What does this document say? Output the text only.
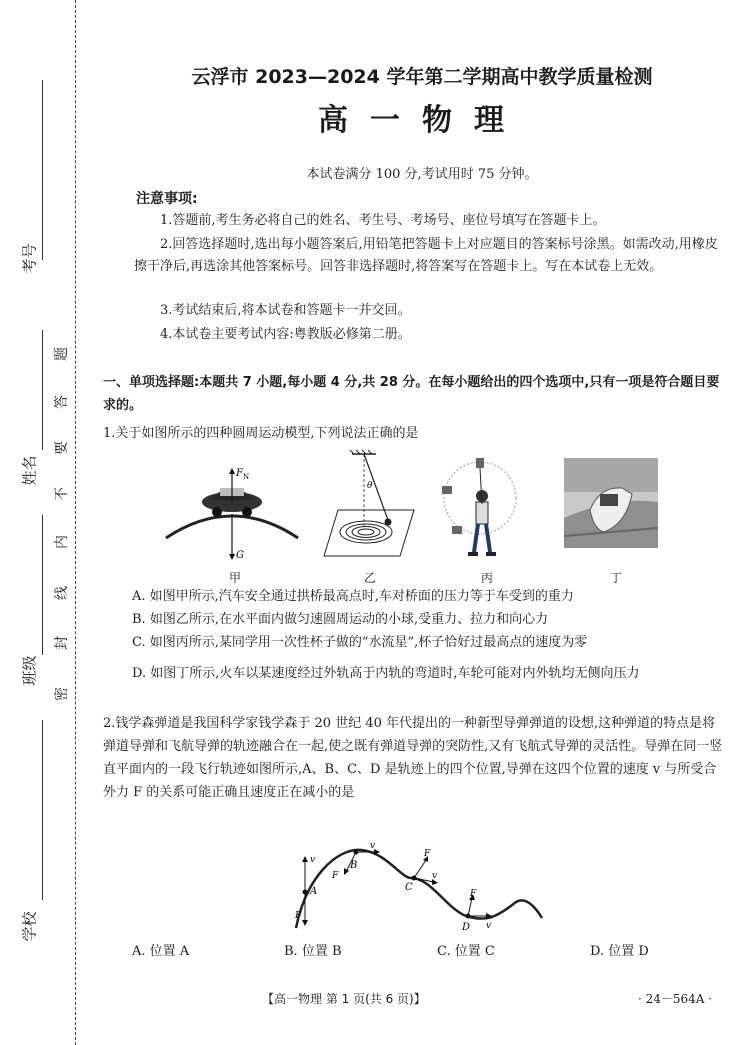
考号
姓名
班级
学校
密
封
线
内
不
要
答
题
云浮市 2023—2024 学年第二学期高中教学质量检测
高一物理
本试卷满分 100 分,考试用时 75 分钟。
注意事项:
1.答题前,考生务必将自己的姓名、考生号、考场号、座位号填写在答题卡上。
2.回答选择题时,选出每小题答案后,用铅笔把答题卡上对应题目的答案标号涂黑。如需改动,用橡皮擦干净后,再选涂其他答案标号。回答非选择题时,将答案写在答题卡上。写在本试卷上无效。
3.考试结束后,将本试卷和答题卡一并交回。
4.本试卷主要考试内容:粤教版必修第二册。
一、单项选择题:本题共 7 小题,每小题 4 分,共 28 分。在每小题给出的四个选项中,只有一项是符合题目要求的。
1.关于如图所示的四种圆周运动模型,下列说法正确的是
F N
G
甲
θ
乙	丙	丁
A. 如图甲所示,汽车安全通过拱桥最高点时,车对桥面的压力等于车受到的重力
B. 如图乙所示,在水平面内做匀速圆周运动的小球,受重力、拉力和向心力
C. 如图丙所示,某同学用一次性杯子做的“水流星”,杯子恰好过最高点的速度为零
D. 如图丁所示,火车以某速度经过外轨高于内轨的弯道时,车轮可能对内外轨均无侧向压力
2.钱学森弹道是我国科学家钱学森于 20 世纪 40 年代提出的一种新型导弹弹道的设想,这种弹道的特点是将弹道导弹和飞航导弹的轨迹融合在一起,使之既有弹道导弹的突防性,又有飞航式导弹的灵活性。导弹在同一竖直平面内的一段飞行轨迹如图所示,A、B、C、D 是轨迹上的四个位置,导弹在这四个位置的速度 v 与所受合外力 F 的关系可能正确且速度正在减小的是
v
A
F
v
B
F
F
v
C
F
v
D
A. 位置 A	B. 位置 B	C. 位置 C	D. 位置 D
【高一物理 第 1 页(共 6 页)】	· 24－564A ·
